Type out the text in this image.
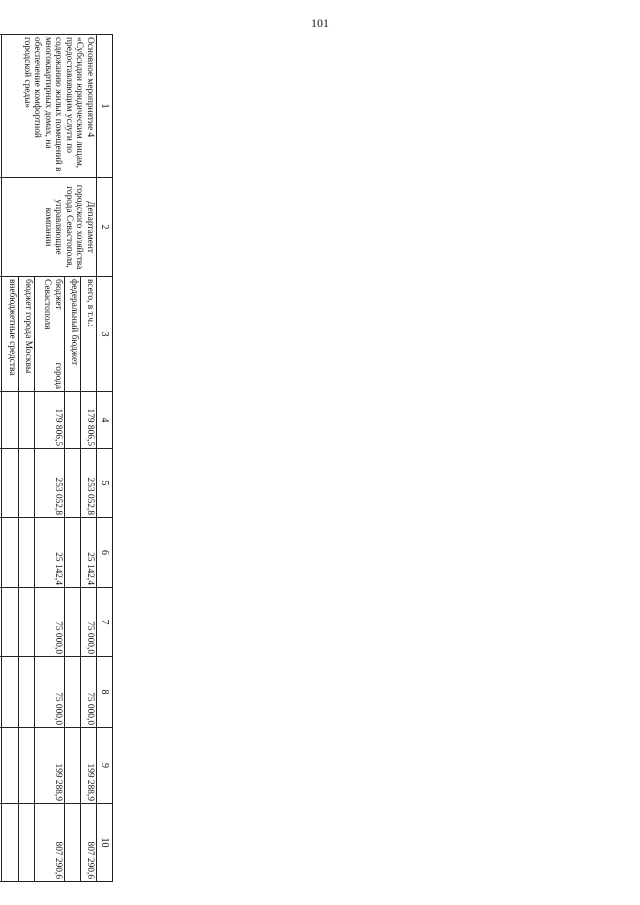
101
1	2	3	4	5	6	7	8	9	10

Основное мероприятие 4 «Субсидии юридическим лицам, предоставляющим услуги по содержанию жилых помещений в многоквартирных домах, на обеспечение комфортной городской среды»	Департамент городского хозяйства города Севастополя, управляющие компании	всего, в т.ч.:	179 806,5	253 052,8	25 142,4	75 000,0	75 000,0	199 288,9	807 290,6

		федеральный бюджет							

		бюджет города
Севастополя	179 806,5	253 052,8	25 142,4	75 000,0	75 000,0	199 288,9	807 290,6

		бюджет города Москвы							

		внебюджетные средства							
